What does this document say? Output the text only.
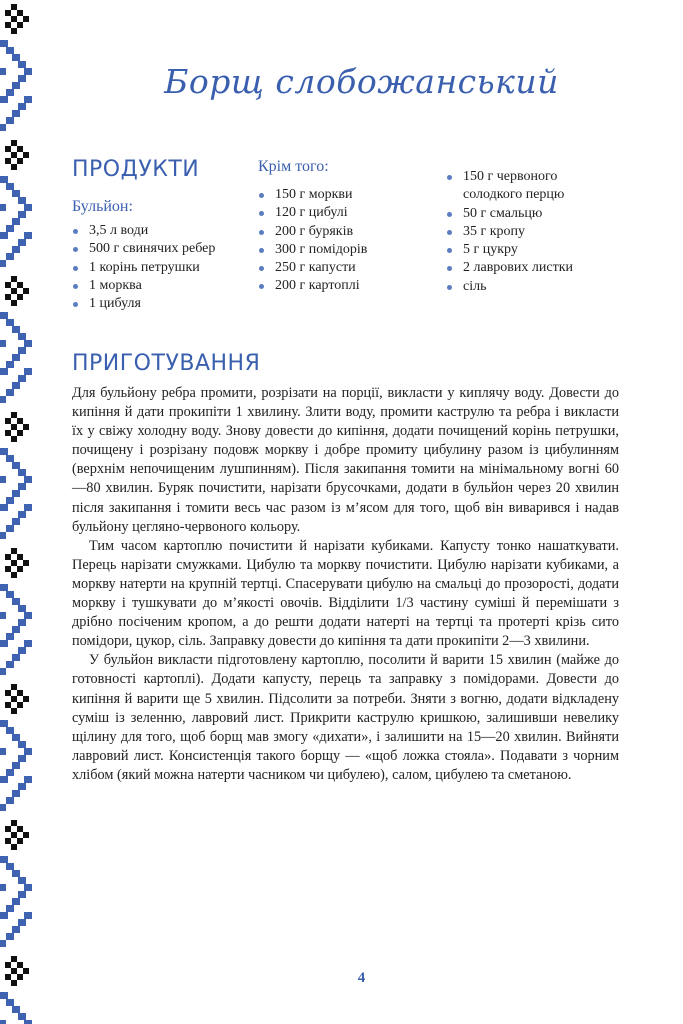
Борщ слобожанський
ПРОДУКТИ
Бульйон:
3,5 л води
500 г свинячих ребер
1 корінь петрушки
1 морква
1 цибуля
Крім того:
150 г моркви
120 г цибулі
200 г буряків
300 г помідорів
250 г капусти
200 г картоплі
150 г червоного солодкого перцю
50 г смальцю
35 г кропу
5 г цукру
2 лаврових листки
сіль
ПРИГОТУВАННЯ

Для бульйону ребра промити, розрізати на порції, викласти у киплячу воду. Довести до кипіння й дати прокипіти 1 хвилину. Злити воду, промити каструлю та ребра і викласти їх у свіжу холодну воду. Знову довести до кипіння, додати почищений корінь петрушки, почищену і розрізану подовж моркву і добре промиту цибулину разом із цибулинням (верхнім непочищеним лушпинням). Після закипання томити на мінімальному вогні 60—80 хвилин. Буряк почистити, нарізати брусочками, додати в бульйон через 20 хвилин після закипання і томити весь час разом із м’ясом для того, щоб він виварився і надав бульйону цегляно-червоного кольору.

Тим часом картоплю почистити й нарізати кубиками. Капусту тонко нашаткувати. Перець нарізати смужками. Цибулю та моркву почистити. Цибулю нарізати кубиками, а моркву натерти на крупній тертці. Спасерувати цибулю на смальці до прозорості, додати моркву і тушкувати до м’якості овочів. Відділити 1/3 частину суміші й перемішати з дрібно посіченим кропом, а до решти додати натерті на тертці та протерті крізь сито помідори, цукор, сіль. Заправку довести до кипіння та дати прокипіти 2—3 хвилини.

У бульйон викласти підготовлену картоплю, посолити й варити 15 хвилин (майже до готовності картоплі). Додати капусту, перець та заправку з помідорами. Довести до кипіння й варити ще 5 хвилин. Підсолити за потреби. Зняти з вогню, додати відкладену суміш із зеленню, лавровий лист. Прикрити каструлю кришкою, залишивши невелику щілину для того, щоб борщ мав змогу «дихати», і залишити на 15—20 хвилин. Вийняти лавровий лист. Консистенція такого борщу — «щоб ложка стояла». Подавати з чорним хлібом (який можна натерти часником чи цибулею), салом, цибулею та сметаною.

4
